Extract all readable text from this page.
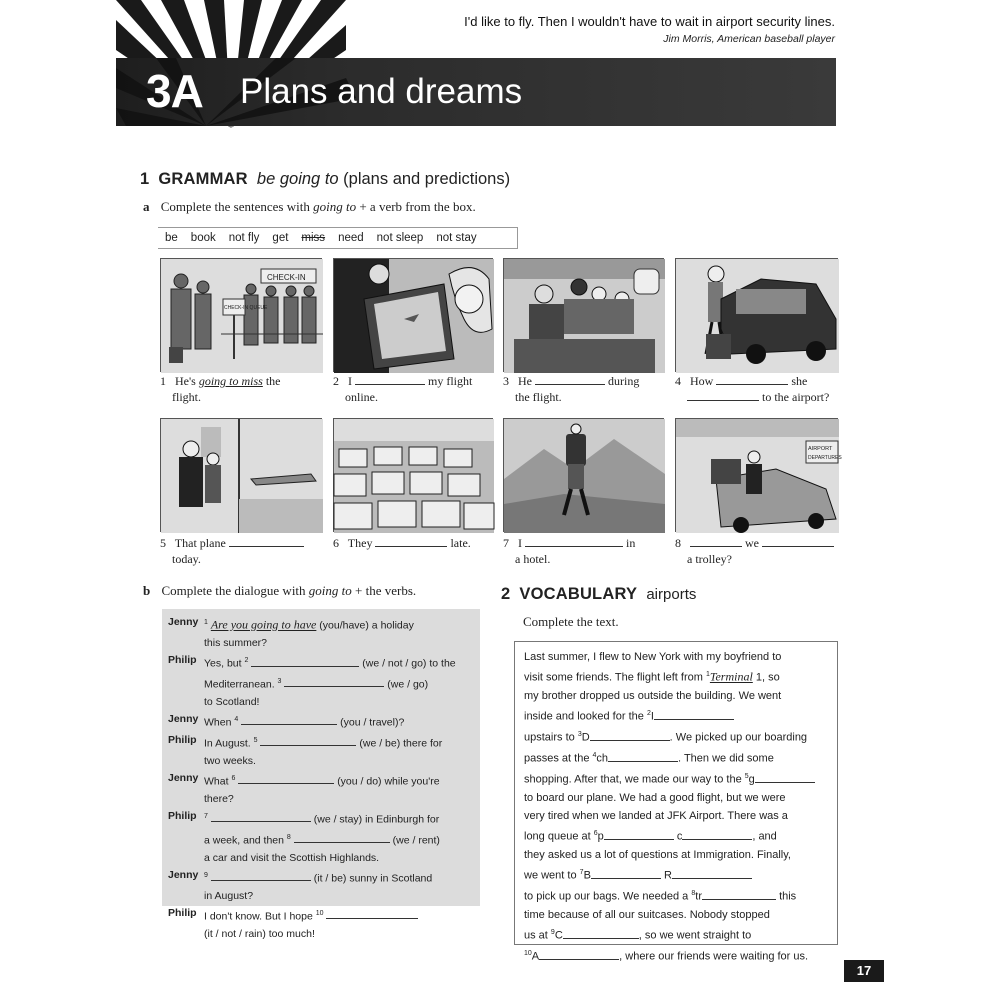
I'd like to fly. Then I wouldn't have to wait in airport security lines.
Jim Morris, American baseball player
3A Plans and dreams
1 GRAMMAR be going to (plans and predictions)
a Complete the sentences with going to + a verb from the box.
be book not fly get miss need not sleep not stay
CHECK-IN
CHECK-IN QUEUE
1 He's going to miss the
flight.
2 I	my flight
online.
3 He	during
the flight.
4 How	she
to the airport?
AIRPORT
DEPARTURES
5 That plane
today.
6 They	late.	7 I	in
a hotel.
8	we
a trolley?
b Complete the dialogue with going to + the verbs.
Jenny $^1$ Are you going to have (you/have) a holiday
this summer?
Philip Yes, but $^2$	(we / not / go) to the
Mediterranean. $^3$	(we / go)
to Scotland!
Jenny When $^4$	(you / travel)?
Philip In August. $^5$	(we / be) there for
two weeks.
Jenny What $^6$	(you / do) while you're
there?
Philip $^7$	(we / stay) in Edinburgh for
a week, and then $^8$	(we / rent)
a car and visit the Scottish Highlands.
Jenny $^9$	(it / be) sunny in Scotland
in August?
Philip I don't know. But I hope $^{10}$
(it / not / rain) too much!
2 VOCABULARY airports
Complete the text.

Last summer, I flew to New York with my boyfriend to

visit some friends. The flight left from $^1$Terminal 1, so

my brother dropped us outside the building. We went

inside and looked for the $^2$I

upstairs to $^3$D	. We picked up our boarding

passes at the $^4$ch	. Then we did some

shopping. After that, we made our way to the $^5$g

to board our plane. We had a good flight, but we were

very tired when we landed at JFK Airport. There was a

long queue at $^6$p	c	, and

they asked us a lot of questions at Immigration. Finally,

we went to $^7$B	R

to pick up our bags. We needed a $^8$tr	this

time because of all our suitcases. Nobody stopped

us at $^9$C	, so we went straight to

$^{10}$A	, where our friends were waiting for us.

17
